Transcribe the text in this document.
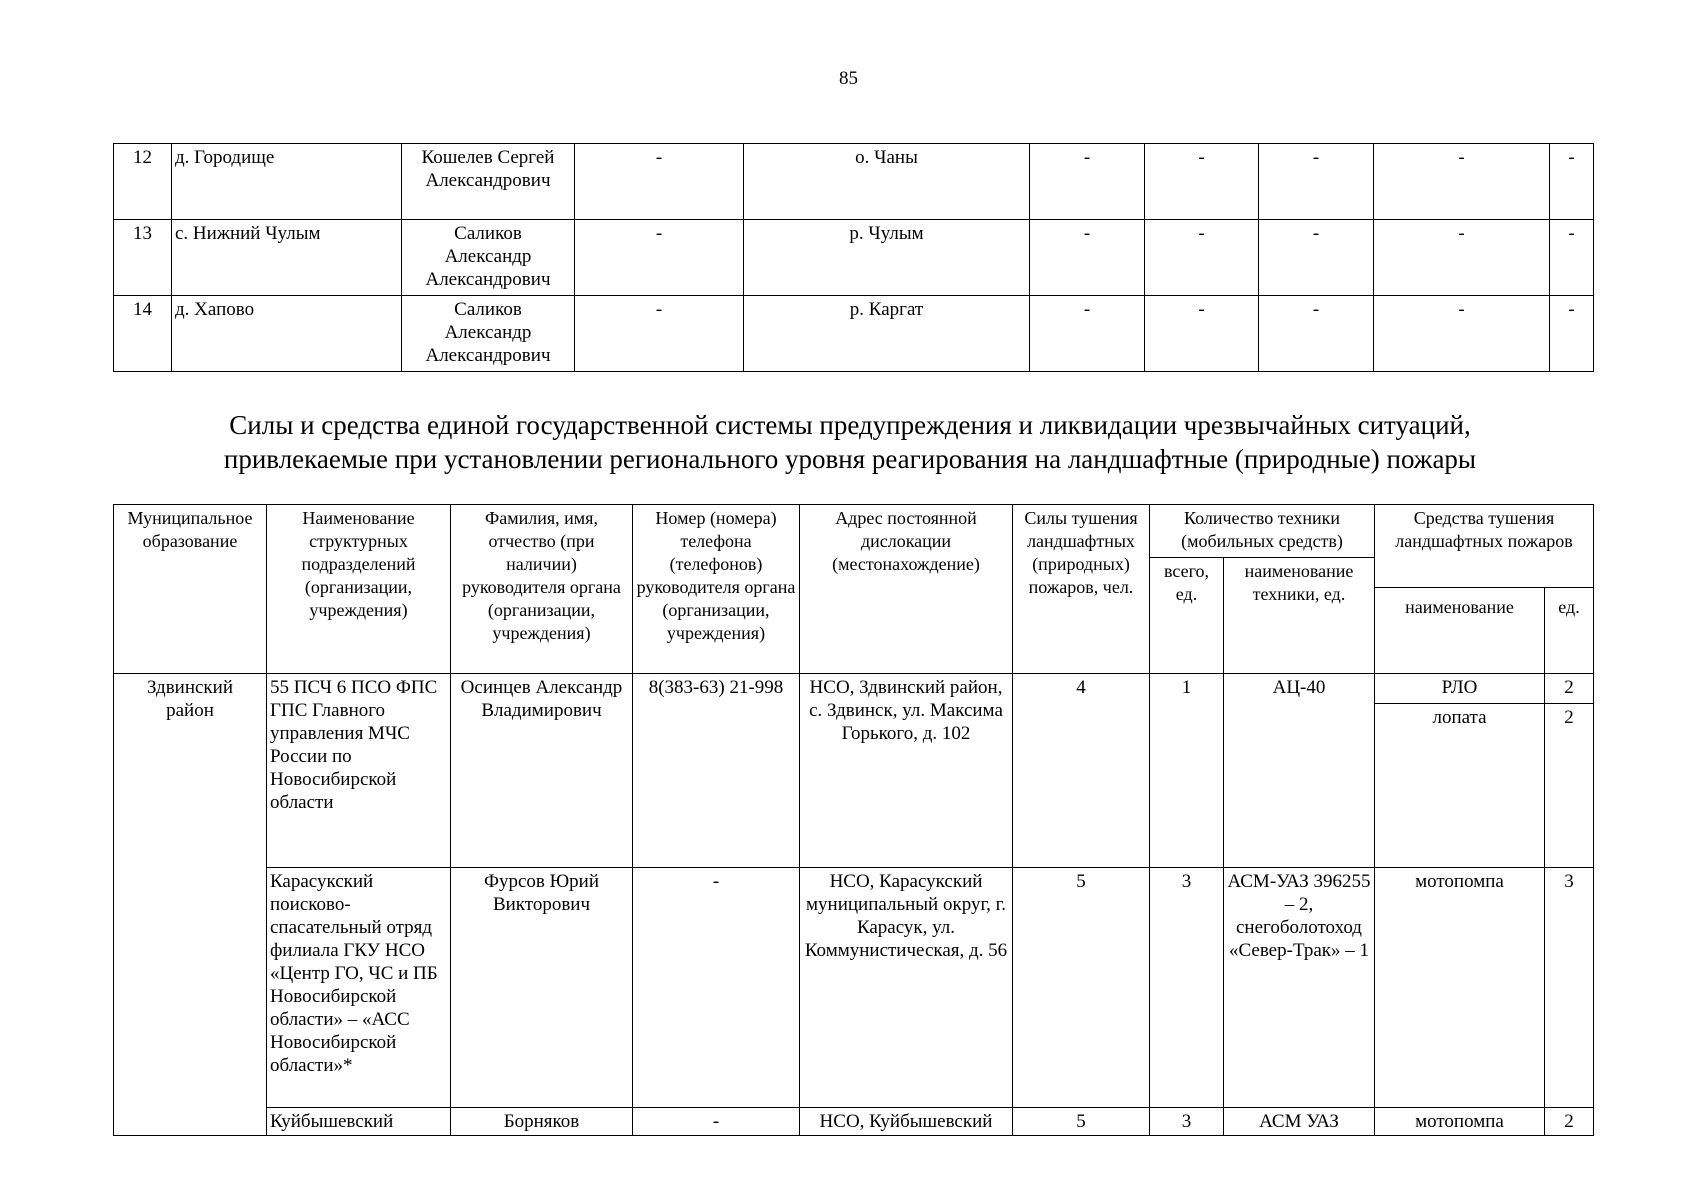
85
12	д. Городище	Кошелев Сергей Александрович	-	о. Чаны	-	-	-	-	-
13	с. Нижний Чулым	Саликов Александр Александрович	-	р. Чулым	-	-	-	-	-
14	д. Хапово	Саликов Александр Александрович	-	р. Каргат	-	-	-	-	-
Силы и средства единой государственной системы предупреждения и ликвидации чрезвычайных ситуаций,
привлекаемые при установлении регионального уровня реагирования на ландшафтные (природные) пожары
Муниципальное образование	Наименование структурных подразделений (организации, учреждения)	Фамилия, имя, отчество (при наличии) руководителя органа (организации, учреждения)	Номер (номера) телефона (телефонов) руководителя органа (организации, учреждения)	Адрес постоянной дислокации (местонахождение)	Силы тушения ландшафтных (природных) пожаров, чел.	Количество техники (мобильных средств)		Средства тушения ландшафтных пожаров	
						всего, ед.	наименование техники, ед.		
								наименование	ед.
Здвинский район	55 ПСЧ 6 ПСО ФПС ГПС Главного управления МЧС России по Новосибирской области	Осинцев Александр Владимирович	8(383-63) 21-998	НСО, Здвинский район, с. Здвинск, ул. Максима Горького, д. 102	4	1	АЦ-40	РЛО	2
								лопата	2
	Карасукский поисково-спасательный отряд филиала ГКУ НСО «Центр ГО, ЧС и ПБ Новосибирской области» – «АСС Новосибирской области»*	Фурсов Юрий Викторович	-	НСО, Карасукский муниципальный округ, г. Карасук, ул. Коммунистическая, д. 56	5	3	АСМ-УАЗ 396255 – 2, снегоболотоход «Север-Трак» – 1	мотопомпа	3
	Куйбышевский	Борняков	-	НСО, Куйбышевский	5	3	АСМ УАЗ	мотопомпа	2
